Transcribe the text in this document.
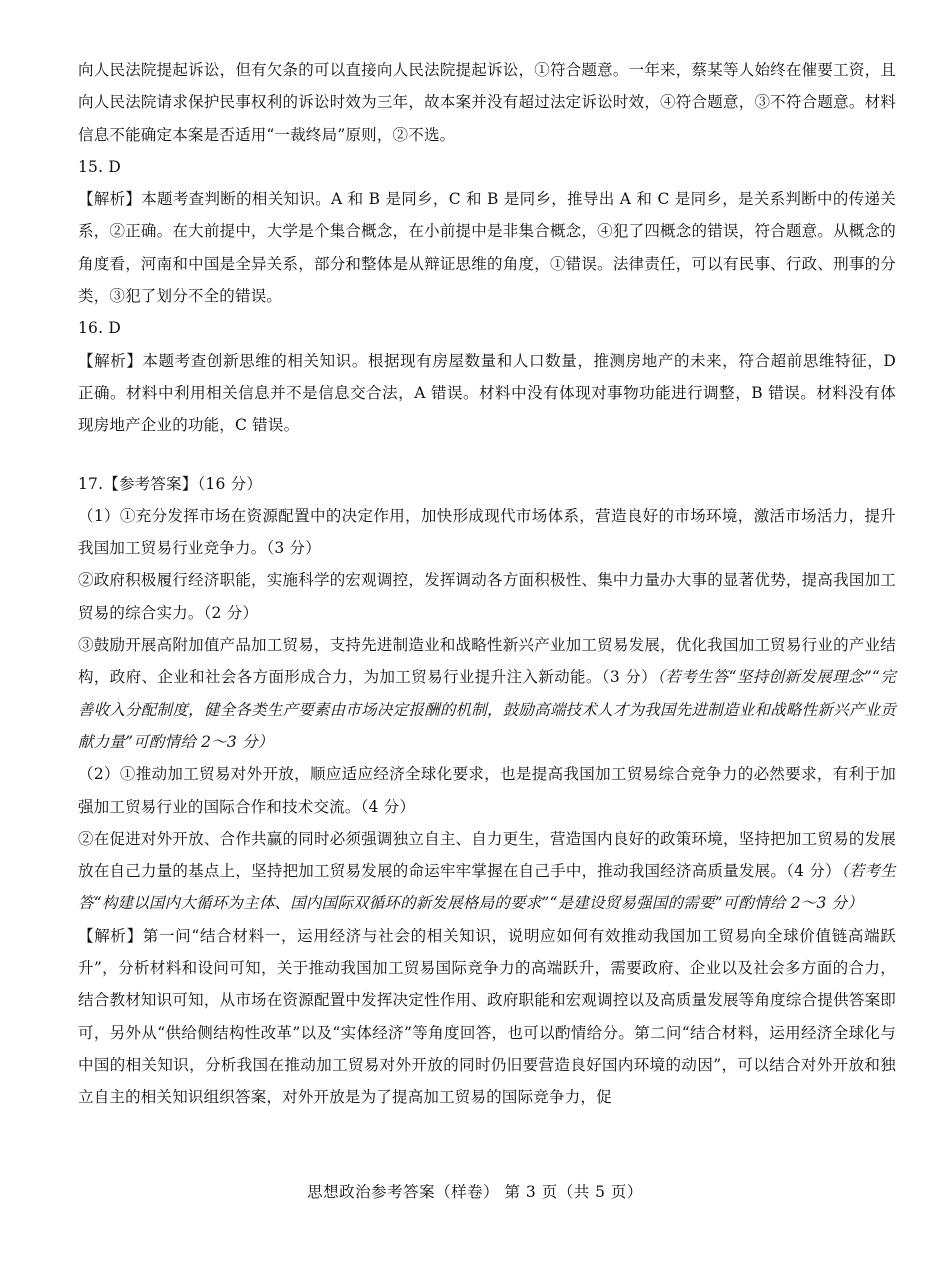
向人民法院提起诉讼，但有欠条的可以直接向人民法院提起诉讼，①符合题意。一年来，蔡某等人始终在催要工资，且向人民法院请求保护民事权利的诉讼时效为三年，故本案并没有超过法定诉讼时效，④符合题意，③不符合题意。材料信息不能确定本案是否适用“一裁终局”原则，②不选。

15. D

【解析】本题考查判断的相关知识。A 和 B 是同乡，C 和 B 是同乡，推导出 A 和 C 是同乡，是关系判断中的传递关系，②正确。在大前提中，大学是个集合概念，在小前提中是非集合概念，④犯了四概念的错误，符合题意。从概念的角度看，河南和中国是全异关系，部分和整体是从辩证思维的角度，①错误。法律责任，可以有民事、行政、刑事的分类，③犯了划分不全的错误。

16. D

【解析】本题考查创新思维的相关知识。根据现有房屋数量和人口数量，推测房地产的未来，符合超前思维特征，D 正确。材料中利用相关信息并不是信息交合法，A 错误。材料中没有体现对事物功能进行调整，B 错误。材料没有体现房地产企业的功能，C 错误。

17.【参考答案】（16 分）

（1）①充分发挥市场在资源配置中的决定作用，加快形成现代市场体系，营造良好的市场环境，激活市场活力，提升我国加工贸易行业竞争力。（3 分）

②政府积极履行经济职能，实施科学的宏观调控，发挥调动各方面积极性、集中力量办大事的显著优势，提高我国加工贸易的综合实力。（2 分）

③鼓励开展高附加值产品加工贸易，支持先进制造业和战略性新兴产业加工贸易发展，优化我国加工贸易行业的产业结构，政府、企业和社会各方面形成合力，为加工贸易行业提升注入新动能。（3 分）（若考生答“坚持创新发展理念”“完善收入分配制度，健全各类生产要素由市场决定报酬的机制，鼓励高端技术人才为我国先进制造业和战略性新兴产业贡献力量”可酌情给 2～3 分）

（2）①推动加工贸易对外开放，顺应适应经济全球化要求，也是提高我国加工贸易综合竞争力的必然要求，有利于加强加工贸易行业的国际合作和技术交流。（4 分）

②在促进对外开放、合作共赢的同时必须强调独立自主、自力更生，营造国内良好的政策环境，坚持把加工贸易的发展放在自己力量的基点上，坚持把加工贸易发展的命运牢牢掌握在自己手中，推动我国经济高质量发展。（4 分）（若考生答“构建以国内大循环为主体、国内国际双循环的新发展格局的要求”“是建设贸易强国的需要”可酌情给 2～3 分）

【解析】第一问“结合材料一，运用经济与社会的相关知识，说明应如何有效推动我国加工贸易向全球价值链高端跃升”，分析材料和设问可知，关于推动我国加工贸易国际竞争力的高端跃升，需要政府、企业以及社会多方面的合力，结合教材知识可知，从市场在资源配置中发挥决定性作用、政府职能和宏观调控以及高质量发展等角度综合提供答案即可，另外从“供给侧结构性改革”以及“实体经济”等角度回答，也可以酌情给分。第二问“结合材料，运用经济全球化与中国的相关知识，分析我国在推动加工贸易对外开放的同时仍旧要营造良好国内环境的动因”，可以结合对外开放和独立自主的相关知识组织答案，对外开放是为了提高加工贸易的国际竞争力，促

思想政治参考答案（样卷） 第 3 页（共 5 页）
